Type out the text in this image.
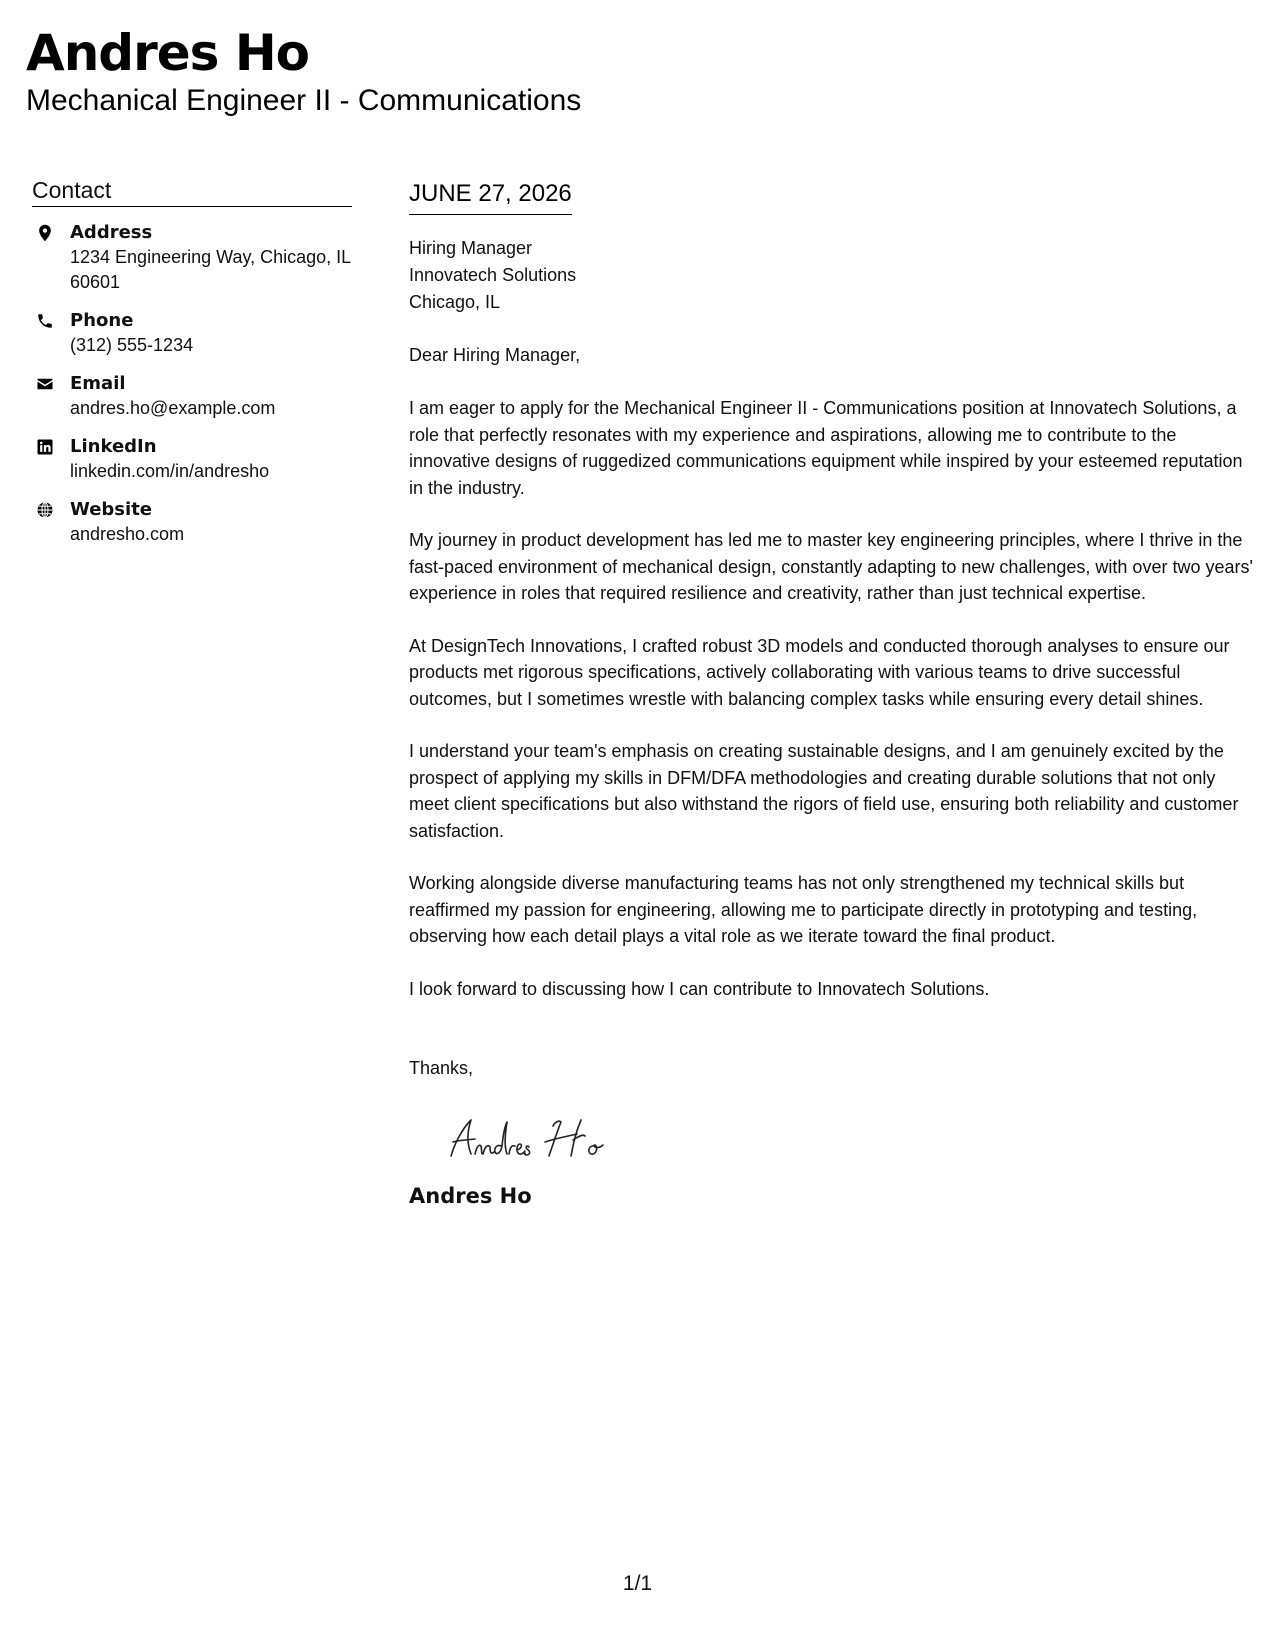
Andres Ho
Mechanical Engineer II - Communications
Contact
Address
1234 Engineering Way, Chicago, IL 60601
Phone
(312) 555-1234
Email
andres.ho@example.com
LinkedIn
linkedin.com/in/andresho
Website
andresho.com
JUNE 27, 2026
Hiring Manager
Innovatech Solutions
Chicago, IL
Dear Hiring Manager,
I am eager to apply for the Mechanical Engineer II - Communications position at Innovatech Solutions, a role that perfectly resonates with my experience and aspirations, allowing me to contribute to the innovative designs of ruggedized communications equipment while inspired by your esteemed reputation in the industry.
My journey in product development has led me to master key engineering principles, where I thrive in the fast-paced environment of mechanical design, constantly adapting to new challenges, with over two years' experience in roles that required resilience and creativity, rather than just technical expertise.
At DesignTech Innovations, I crafted robust 3D models and conducted thorough analyses to ensure our products met rigorous specifications, actively collaborating with various teams to drive successful outcomes, but I sometimes wrestle with balancing complex tasks while ensuring every detail shines.
I understand your team's emphasis on creating sustainable designs, and I am genuinely excited by the prospect of applying my skills in DFM/DFA methodologies and creating durable solutions that not only meet client specifications but also withstand the rigors of field use, ensuring both reliability and customer satisfaction.
Working alongside diverse manufacturing teams has not only strengthened my technical skills but reaffirmed my passion for engineering, allowing me to participate directly in prototyping and testing, observing how each detail plays a vital role as we iterate toward the final product.
I look forward to discussing how I can contribute to Innovatech Solutions.
Thanks,
Andres Ho
1/1
